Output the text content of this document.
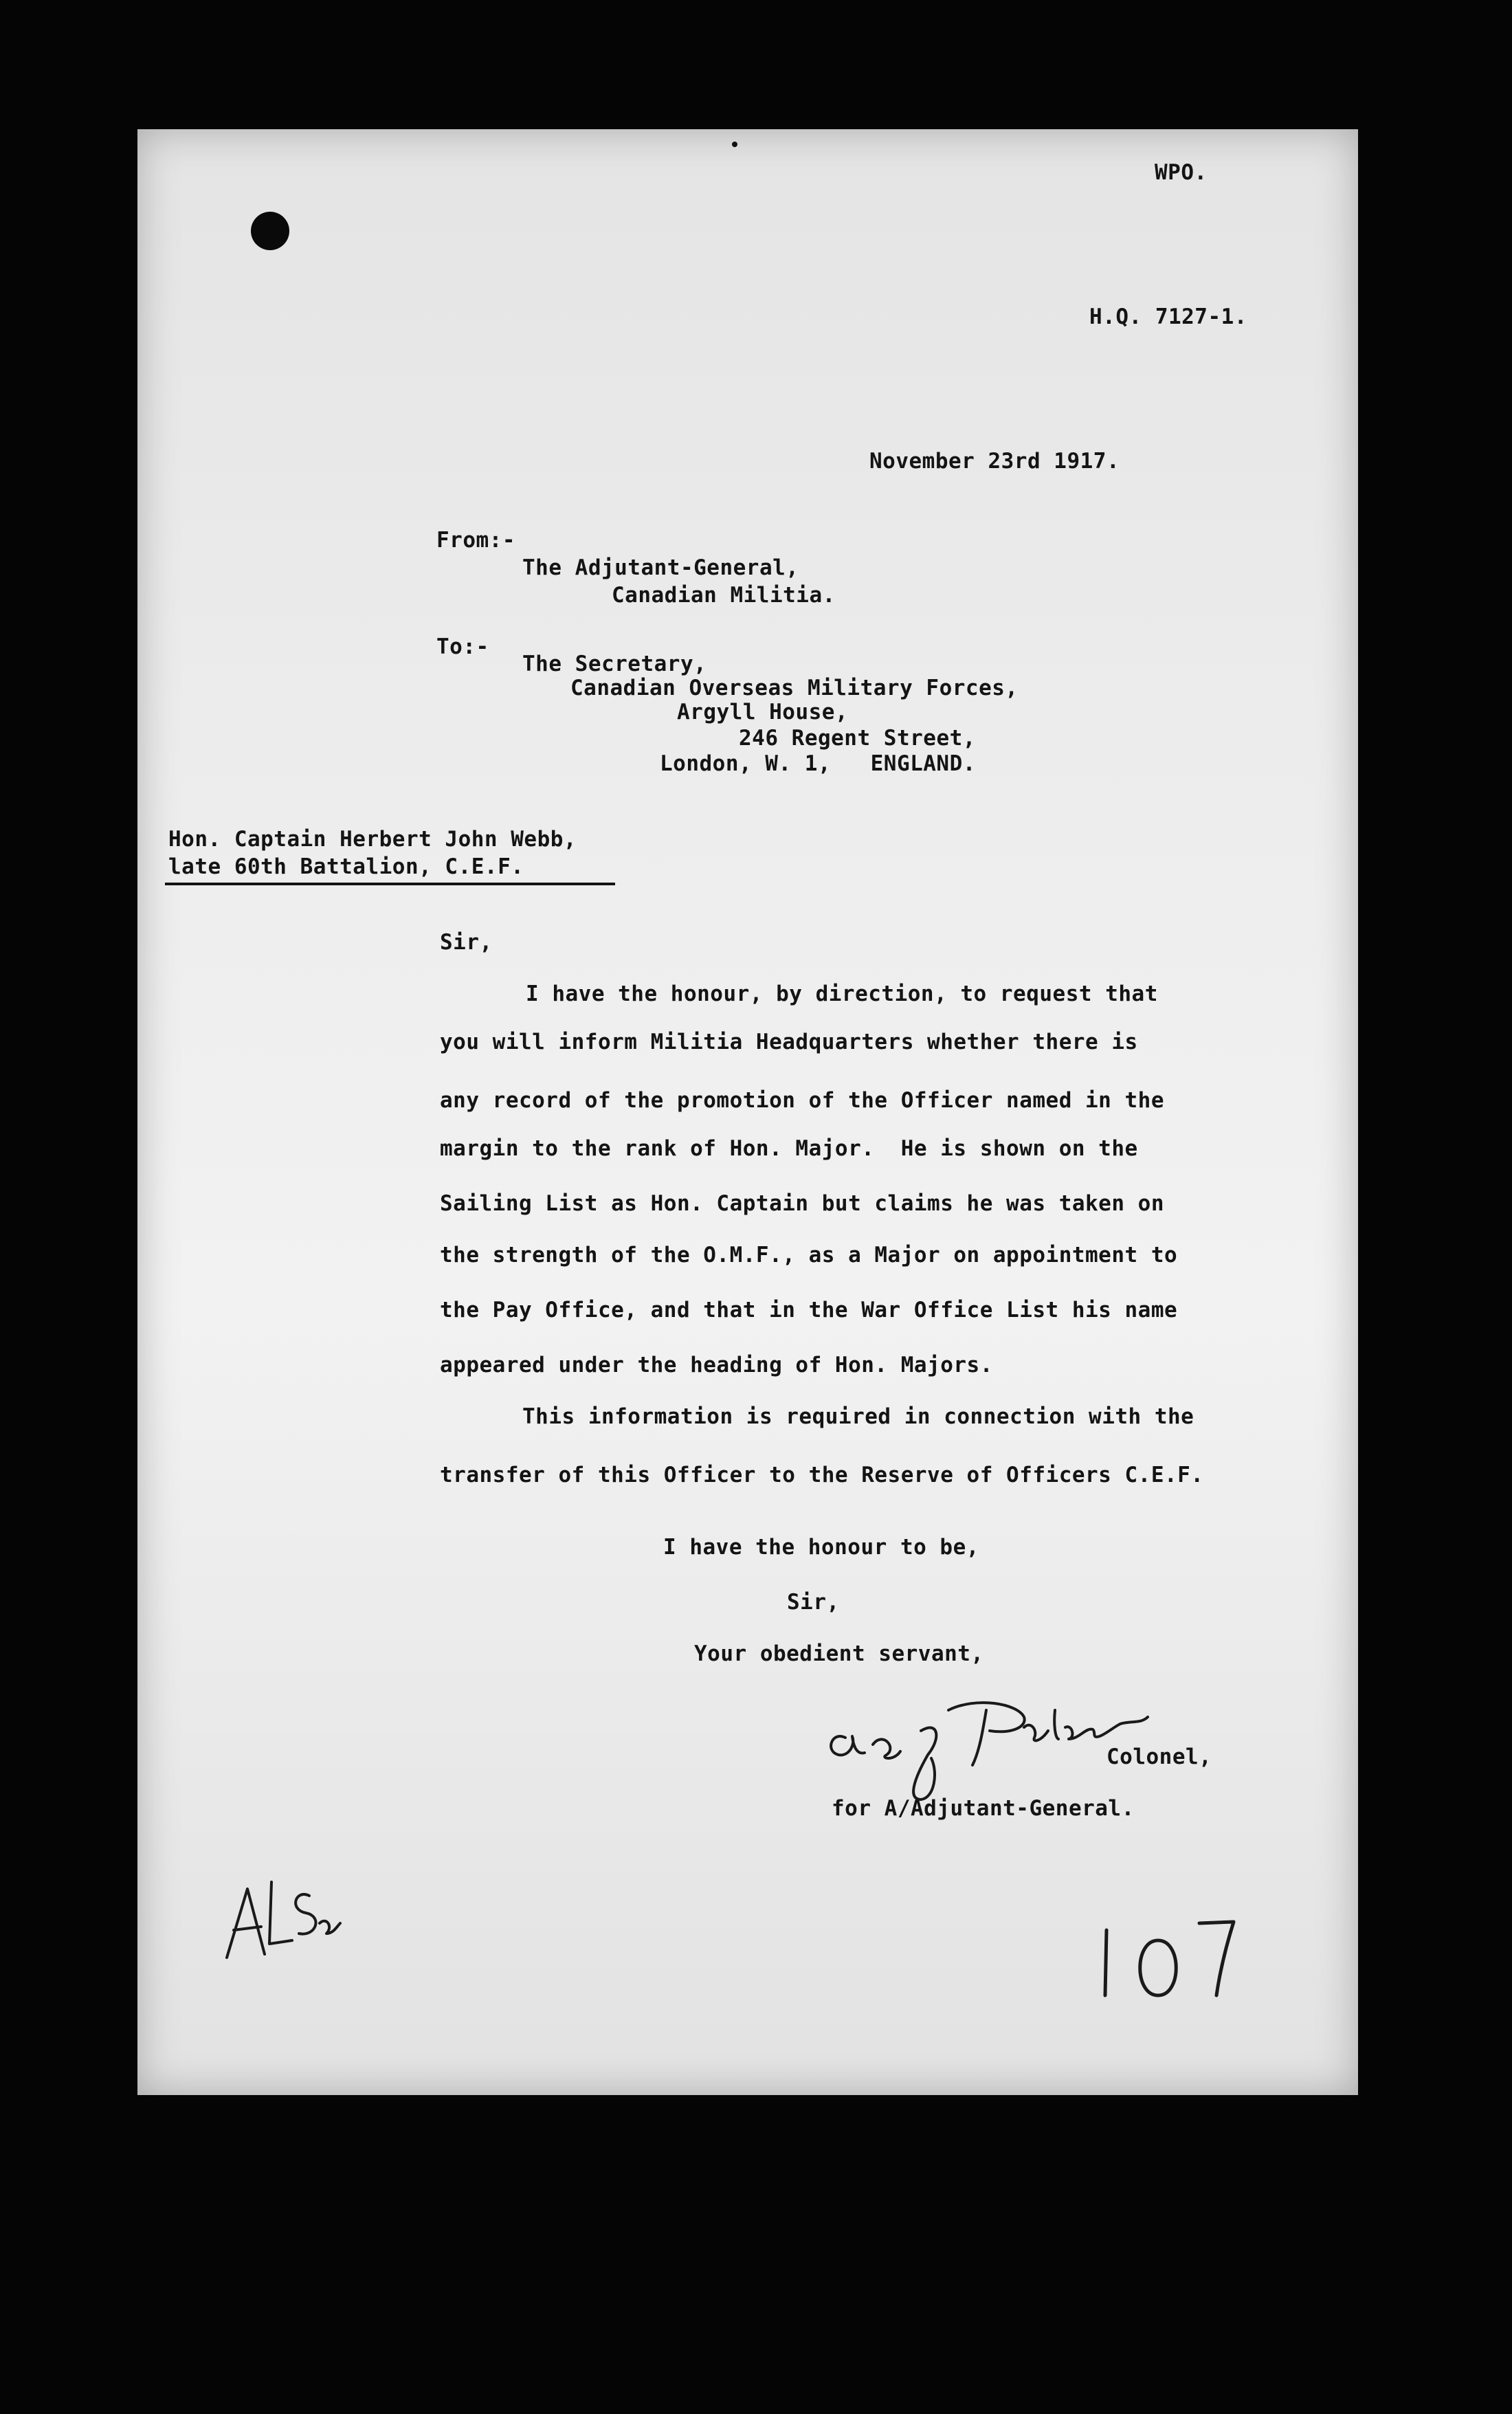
WPO.
H.Q. 7127-1.
November 23rd 1917.
From:-
The Adjutant-General,
Canadian Militia.
To:-
The Secretary,
Canadian Overseas Military Forces,
Argyll House,
246 Regent Street,
London, W. 1,   ENGLAND.
Hon. Captain Herbert John Webb,
late 60th Battalion, C.E.F.
Sir,
I have the honour, by direction, to request that
you will inform Militia Headquarters whether there is
any record of the promotion of the Officer named in the
margin to the rank of Hon. Major.  He is shown on the
Sailing List as Hon. Captain but claims he was taken on
the strength of the O.M.F., as a Major on appointment to
the Pay Office, and that in the War Office List his name
appeared under the heading of Hon. Majors.
This information is required in connection with the
transfer of this Officer to the Reserve of Officers C.E.F.
I have the honour to be,
Sir,
Your obedient servant,
Colonel,
for A/Adjutant-General.
